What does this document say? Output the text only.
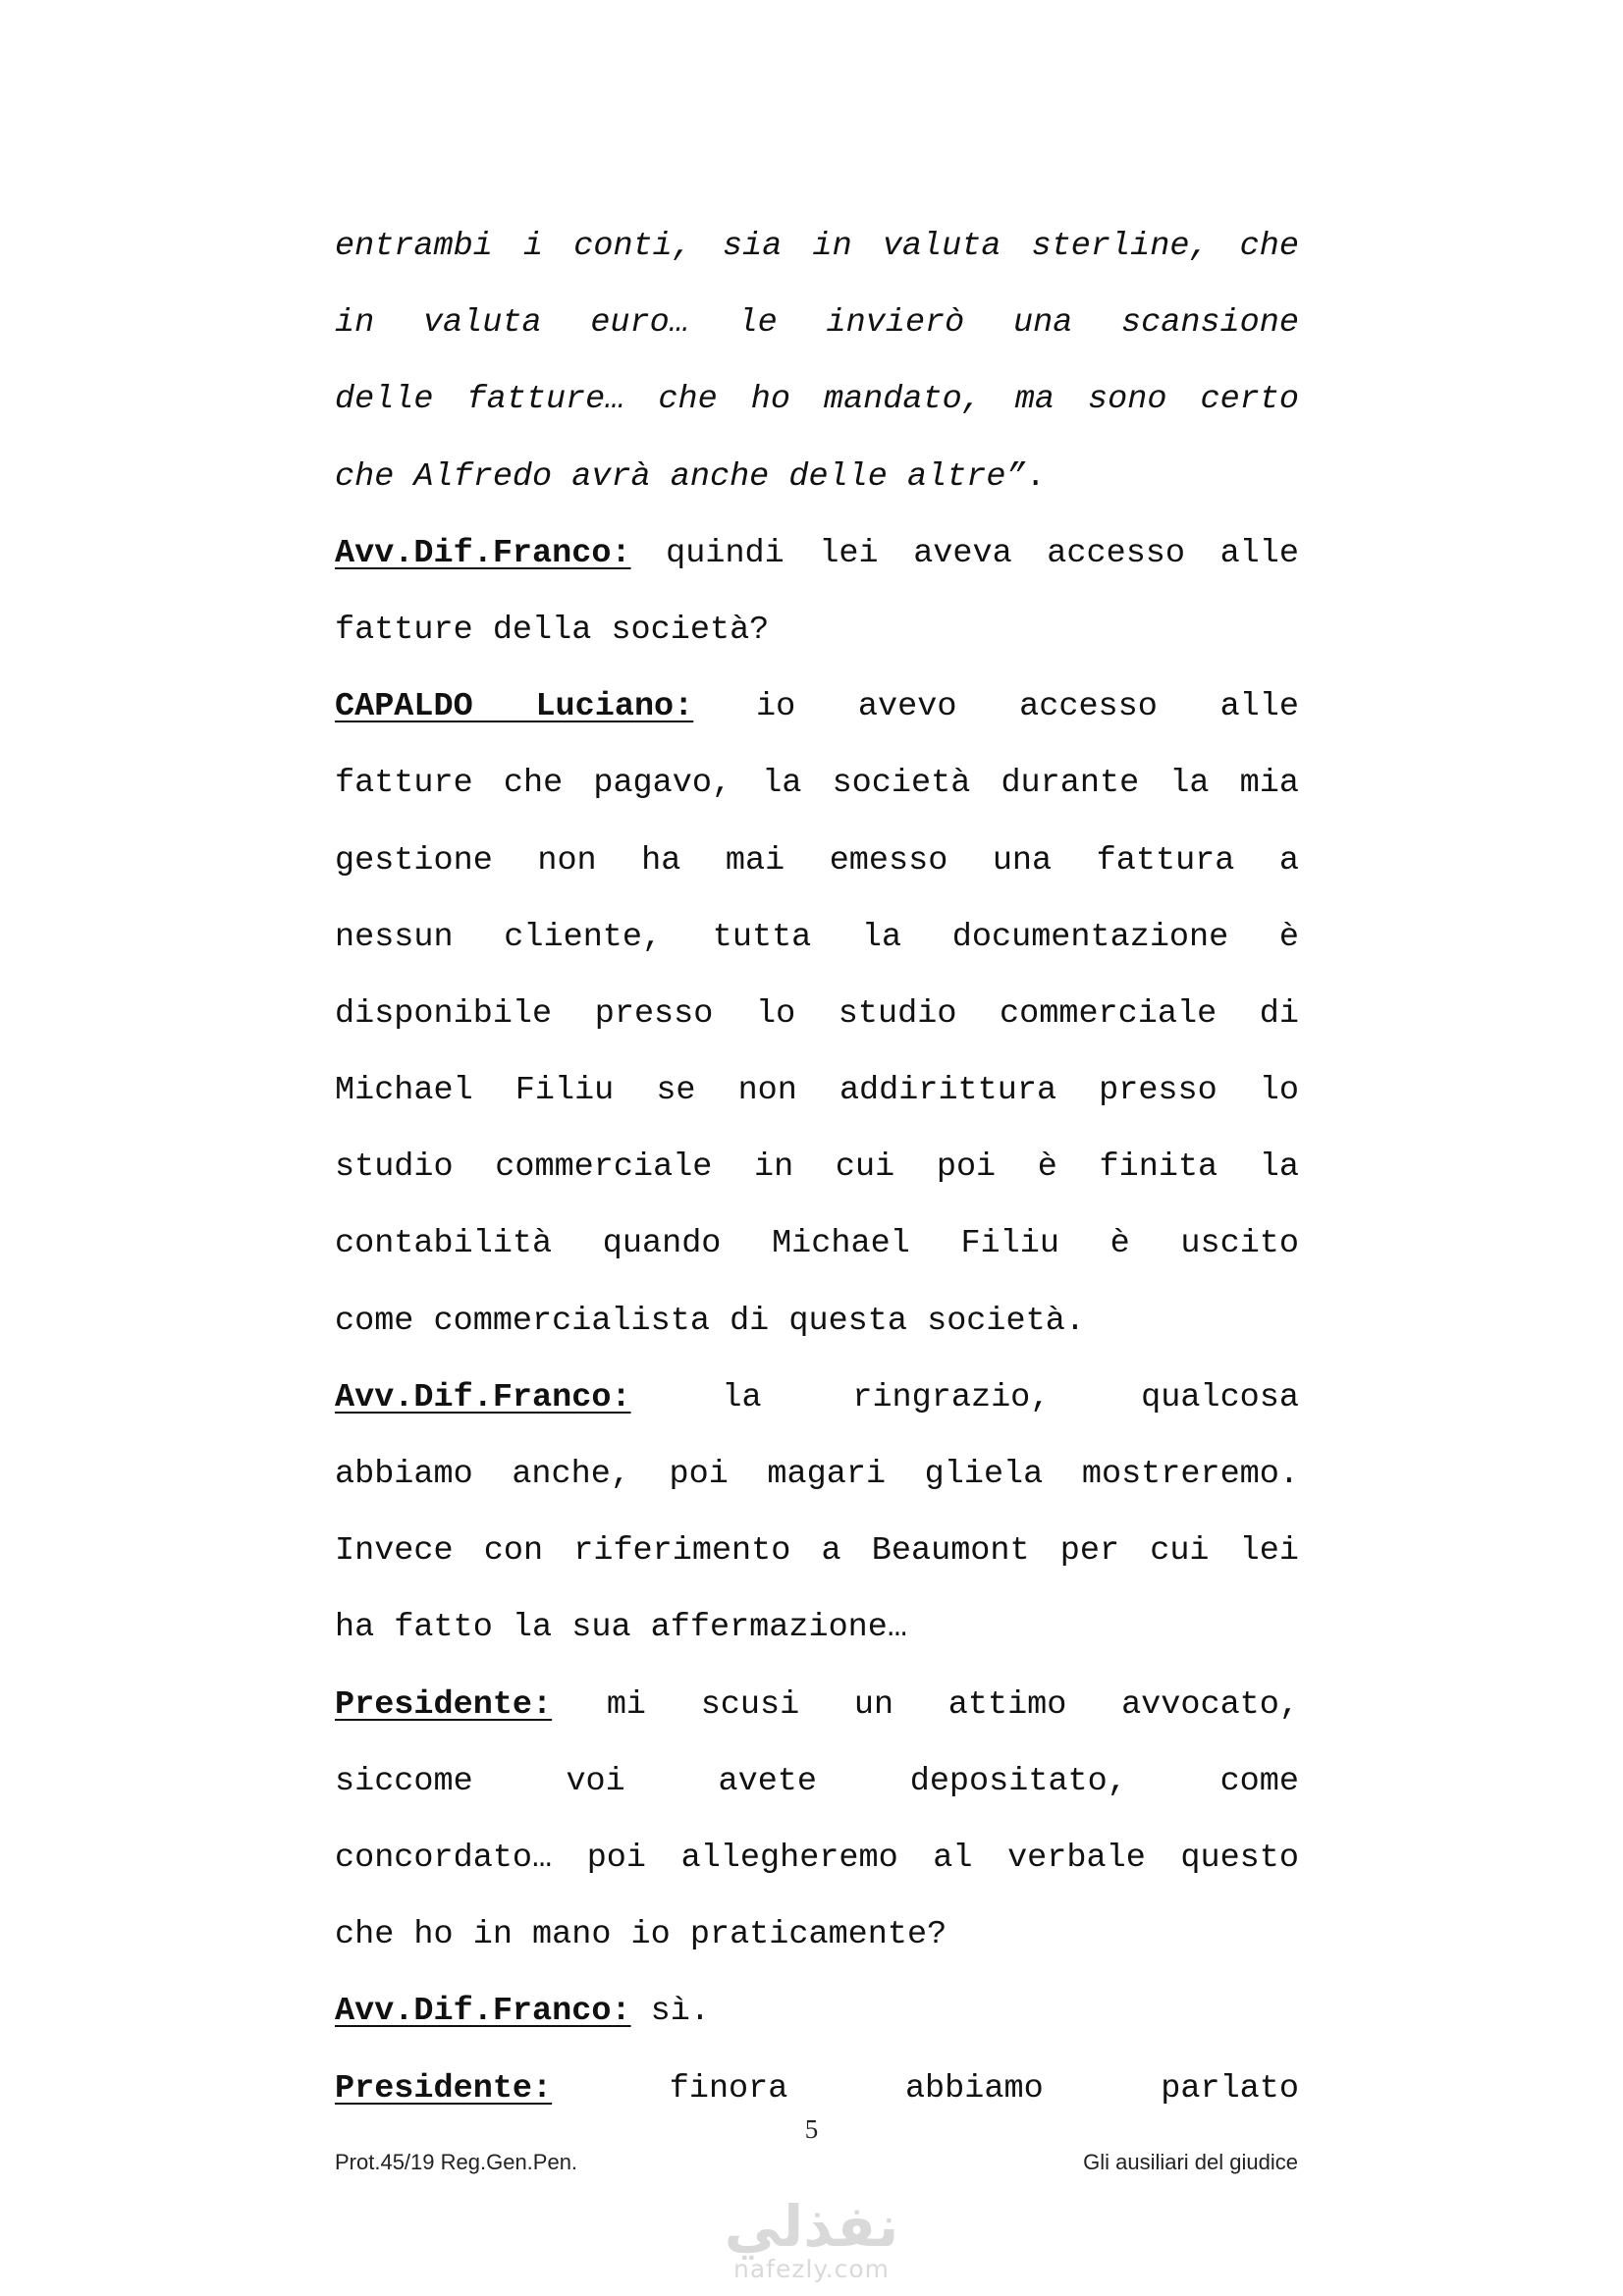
entrambi i conti, sia in valuta sterline, che
in valuta euro… le invierò una scansione
delle fatture… che ho mandato, ma sono certo
che Alfredo avrà anche delle altre”.
Avv.Dif.Franco: quindi lei aveva accesso alle
fatture della società?
CAPALDO Luciano: io avevo accesso alle
fatture che pagavo, la società durante la mia
gestione non ha mai emesso una fattura a
nessun cliente, tutta la documentazione è
disponibile presso lo studio commerciale di
Michael Filiu se non addirittura presso lo
studio commerciale in cui poi è finita la
contabilità quando Michael Filiu è uscito
come commercialista di questa società.
Avv.Dif.Franco: la ringrazio, qualcosa
abbiamo anche, poi magari gliela mostreremo.
Invece con riferimento a Beaumont per cui lei
ha fatto la sua affermazione…
Presidente: mi scusi un attimo avvocato,
siccome voi avete depositato, come
concordato… poi allegheremo al verbale questo
che ho in mano io praticamente?
Avv.Dif.Franco: sì.
Presidente: finora abbiamo parlato
5
Prot.45/19 Reg.Gen.Pen.	Gli ausiliari del giudice
نفذلي
nafezly.com
